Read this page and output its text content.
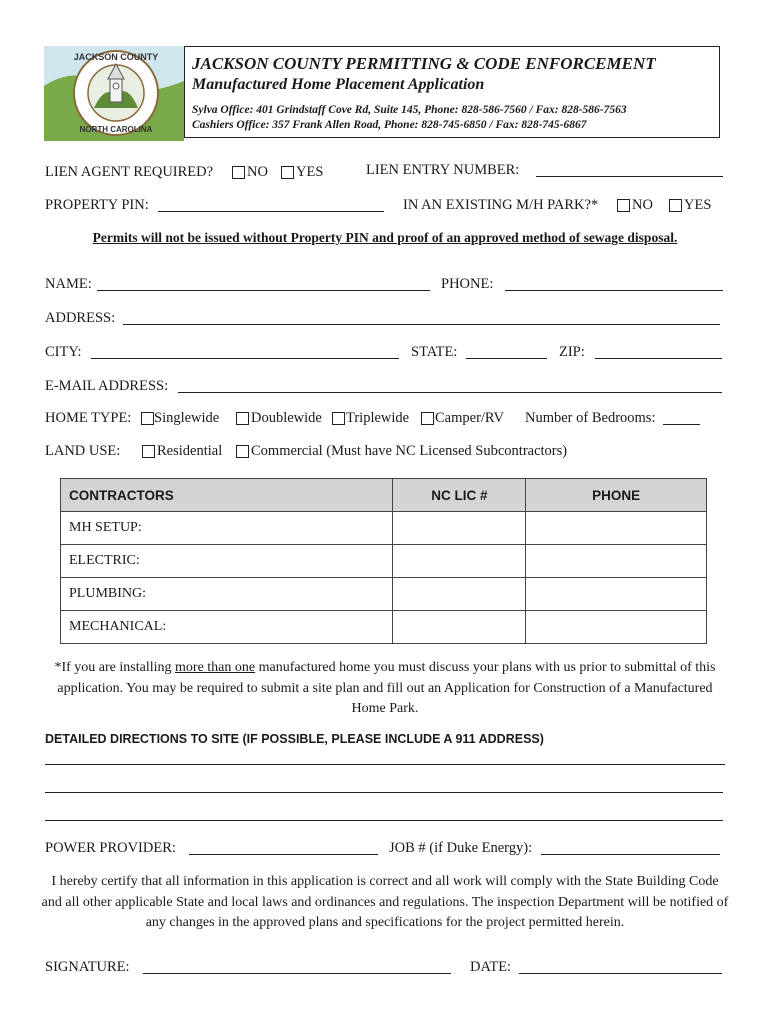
JACKSON COUNTY
NORTH CAROLINA
JACKSON COUNTY PERMITTING & CODE ENFORCEMENT
Manufactured Home Placement Application
Sylva Office: 401 Grindstaff Cove Rd, Suite 145, Phone: 828-586-7560 / Fax: 828-586-7563
Cashiers Office: 357 Frank Allen Road, Phone: 828-745-6850 / Fax: 828-745-6867
LIEN AGENT REQUIRED? NO YES	LIEN ENTRY NUMBER:
PROPERTY PIN:	IN AN EXISTING M/H PARK?* NO YES
Permits will not be issued without Property PIN and proof of an approved method of sewage disposal.
NAME:	PHONE:
ADDRESS:
CITY:	STATE:	ZIP:
E-MAIL ADDRESS:
HOME TYPE: Singlewide Doublewide Triplewide Camper/RV Number of Bedrooms:
LAND USE:	Residential Commercial (Must have NC Licensed Subcontractors)
CONTRACTORS	NC LIC #	PHONE
MH SETUP:		
ELECTRIC:		
PLUMBING:		
MECHANICAL:		
*If you are installing more than one manufactured home you must discuss your plans with us prior to submittal of this application. You may be required to submit a site plan and fill out an Application for Construction of a Manufactured Home Park.
DETAILED DIRECTIONS TO SITE (IF POSSIBLE, PLEASE INCLUDE A 911 ADDRESS)
POWER PROVIDER:	JOB # (if Duke Energy):
I hereby certify that all information in this application is correct and all work will comply with the State Building Code and all other applicable State and local laws and ordinances and regulations. The inspection Department will be notified of any changes in the approved plans and specifications for the project permitted herein.
SIGNATURE:	DATE:
